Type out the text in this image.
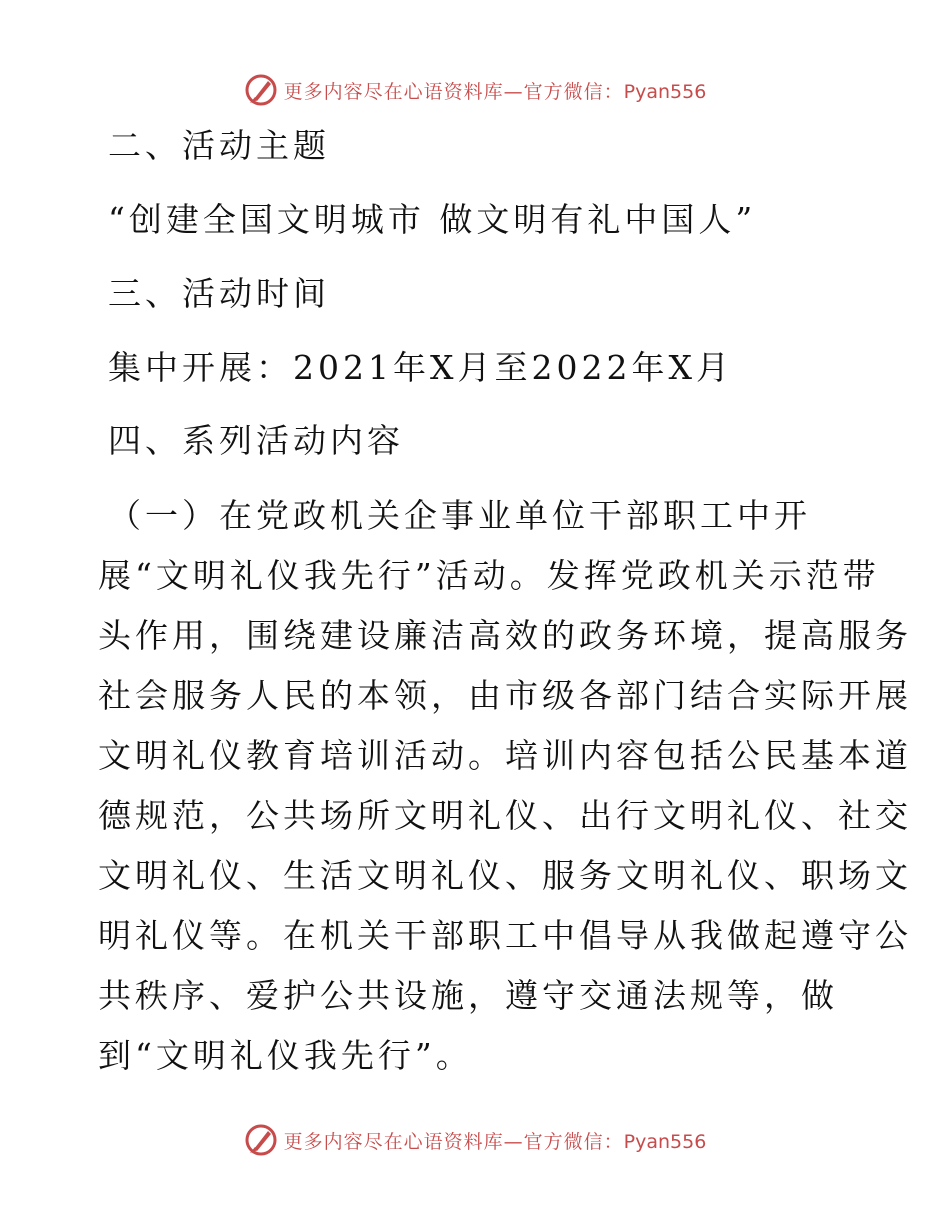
更多内容尽在心语资料库—官方微信：Pyan556
二、活动主题
“创建全国文明城市 做文明有礼中国人”
三、活动时间
集中开展：2021年X月至2022年X月
四、系列活动内容
（一）在党政机关企事业单位干部职工中开
展“文明礼仪我先行”活动。发挥党政机关示范带
头作用，围绕建设廉洁高效的政务环境，提高服务
社会服务人民的本领，由市级各部门结合实际开展
文明礼仪教育培训活动。培训内容包括公民基本道
德规范，公共场所文明礼仪、出行文明礼仪、社交
文明礼仪、生活文明礼仪、服务文明礼仪、职场文
明礼仪等。在机关干部职工中倡导从我做起遵守公
共秩序、爱护公共设施，遵守交通法规等，做
到“文明礼仪我先行”。
更多内容尽在心语资料库—官方微信：Pyan556
